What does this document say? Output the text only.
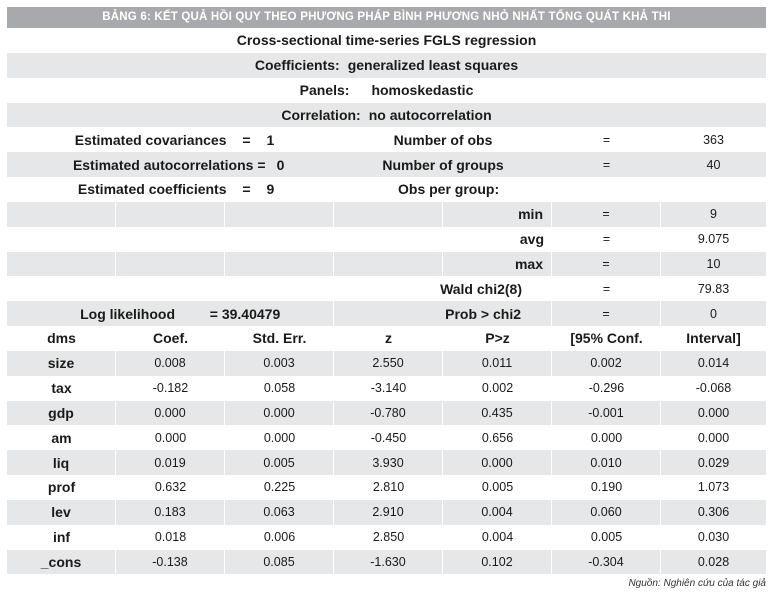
BẢNG 6: KẾT QUẢ HỒI QUY THEO PHƯƠNG PHÁP BÌNH PHƯƠNG NHỎ NHẤT TỔNG QUÁT KHẢ THI
Cross-sectional time-series FGLS regression
Coefficients: generalized least squares
Panels: homoskedastic
Correlation: no autocorrelation
Estimated covariances	=	1	Number of obs	=	363
Estimated autocorrelations = 0	Number of groups	=	40
Estimated coefficients	=	9	Obs per group:
min	=	9
avg	=	9.075
max	=	10
Wald chi2(8)	=	79.83
Log likelihood	= 39.40479	Prob > chi2	=	0
dms	Coef.	Std. Err.	z	P>z	[95% Conf.	Interval]
size	0.008	0.003	2.550	0.011	0.002	0.014
tax	-0.182	0.058	-3.140	0.002	-0.296	-0.068
gdp	0.000	0.000	-0.780	0.435	-0.001	0.000
am	0.000	0.000	-0.450	0.656	0.000	0.000
liq	0.019	0.005	3.930	0.000	0.010	0.029
prof	0.632	0.225	2.810	0.005	0.190	1.073
lev	0.183	0.063	2.910	0.004	0.060	0.306
inf	0.018	0.006	2.850	0.004	0.005	0.030
_cons	-0.138	0.085	-1.630	0.102	-0.304	0.028
Nguồn: Nghiên cứu của tác giả
